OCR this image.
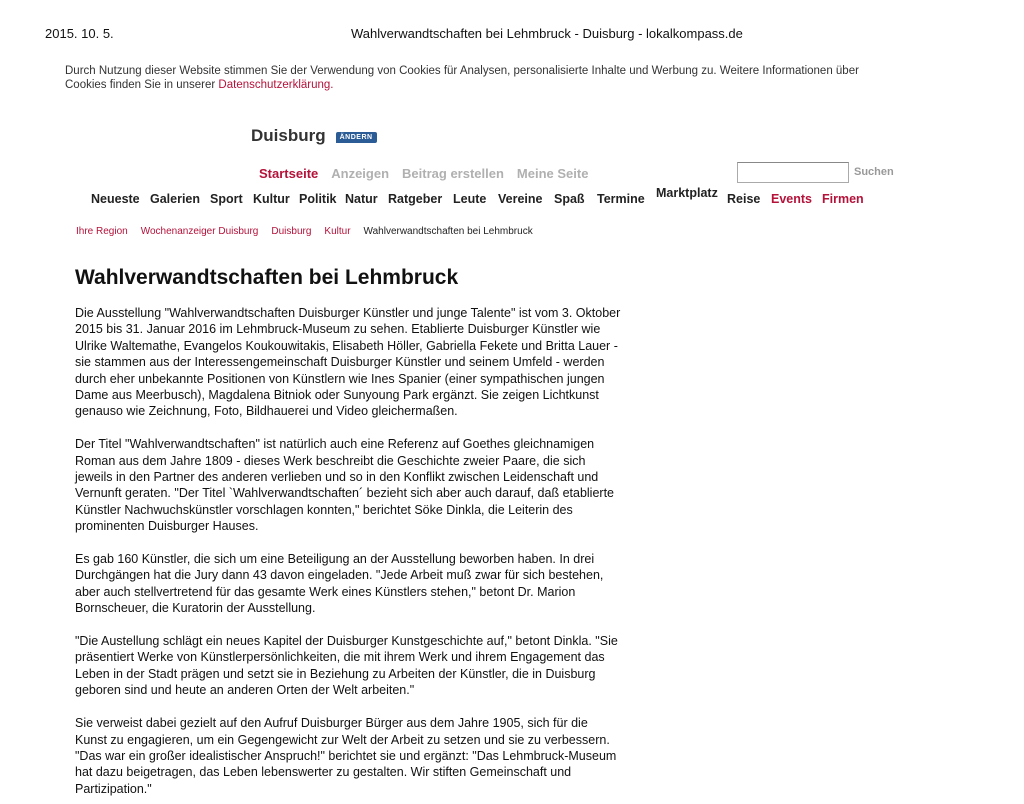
2015. 10. 5.	Wahlverwandtschaften bei Lehmbruck - Duisburg - lokalkompass.de
Durch Nutzung dieser Website stimmen Sie der Verwendung von Cookies für Analysen, personalisierte Inhalte und Werbung zu. Weitere Informationen über Cookies finden Sie in unserer Datenschutzerklärung.
Duisburg	ÄNDERN
Startseite Anzeigen Beitrag erstellen Meine Seite	Suchen
Neueste Galerien Sport Kultur Politik Natur Ratgeber Leute Vereine Spaß Termine Marktplatz Reise Events Firmen
Ihre Region Wochenanzeiger Duisburg Duisburg Kultur Wahlverwandtschaften bei Lehmbruck
Wahlverwandtschaften bei Lehmbruck

Die Ausstellung "Wahlverwandtschaften Duisburger Künstler und junge Talente" ist vom 3. Oktober 2015 bis 31. Januar 2016 im Lehmbruck-Museum zu sehen. Etablierte Duisburger Künstler wie Ulrike Waltemathe, Evangelos Koukouwitakis, Elisabeth Höller, Gabriella Fekete und Britta Lauer - sie stammen aus der Interessengemeinschaft Duisburger Künstler und seinem Umfeld - werden durch eher unbekannte Positionen von Künstlern wie Ines Spanier (einer sympathischen jungen Dame aus Meerbusch), Magdalena Bitniok oder Sunyoung Park ergänzt. Sie zeigen Lichtkunst genauso wie Zeichnung, Foto, Bildhauerei und Video gleichermaßen.

Der Titel "Wahlverwandtschaften" ist natürlich auch eine Referenz auf Goethes gleichnamigen Roman aus dem Jahre 1809 - dieses Werk beschreibt die Geschichte zweier Paare, die sich jeweils in den Partner des anderen verlieben und so in den Konflikt zwischen Leidenschaft und Vernunft geraten. "Der Titel `Wahlverwandtschaften´ bezieht sich aber auch darauf, daß etablierte Künstler Nachwuchskünstler vorschlagen konnten," berichtet Söke Dinkla, die Leiterin des prominenten Duisburger Hauses.

Es gab 160 Künstler, die sich um eine Beteiligung an der Ausstellung beworben haben. In drei Durchgängen hat die Jury dann 43 davon eingeladen. "Jede Arbeit muß zwar für sich bestehen, aber auch stellvertretend für das gesamte Werk eines Künstlers stehen," betont Dr. Marion Bornscheuer, die Kuratorin der Ausstellung.

"Die Austellung schlägt ein neues Kapitel der Duisburger Kunstgeschichte auf," betont Dinkla. "Sie präsentiert Werke von Künstlerpersönlichkeiten, die mit ihrem Werk und ihrem Engagement das Leben in der Stadt prägen und setzt sie in Beziehung zu Arbeiten der Künstler, die in Duisburg geboren sind und heute an anderen Orten der Welt arbeiten."

Sie verweist dabei gezielt auf den Aufruf Duisburger Bürger aus dem Jahre 1905, sich für die Kunst zu engagieren, um ein Gegengewicht zur Welt der Arbeit zu setzen und sie zu verbessern. "Das war ein großer idealistischer Anspruch!" berichtet sie und ergänzt: "Das Lehmbruck-Museum hat dazu beigetragen, das Leben lebenswerter zu gestalten. Wir stiften Gemeinschaft und Partizipation."
